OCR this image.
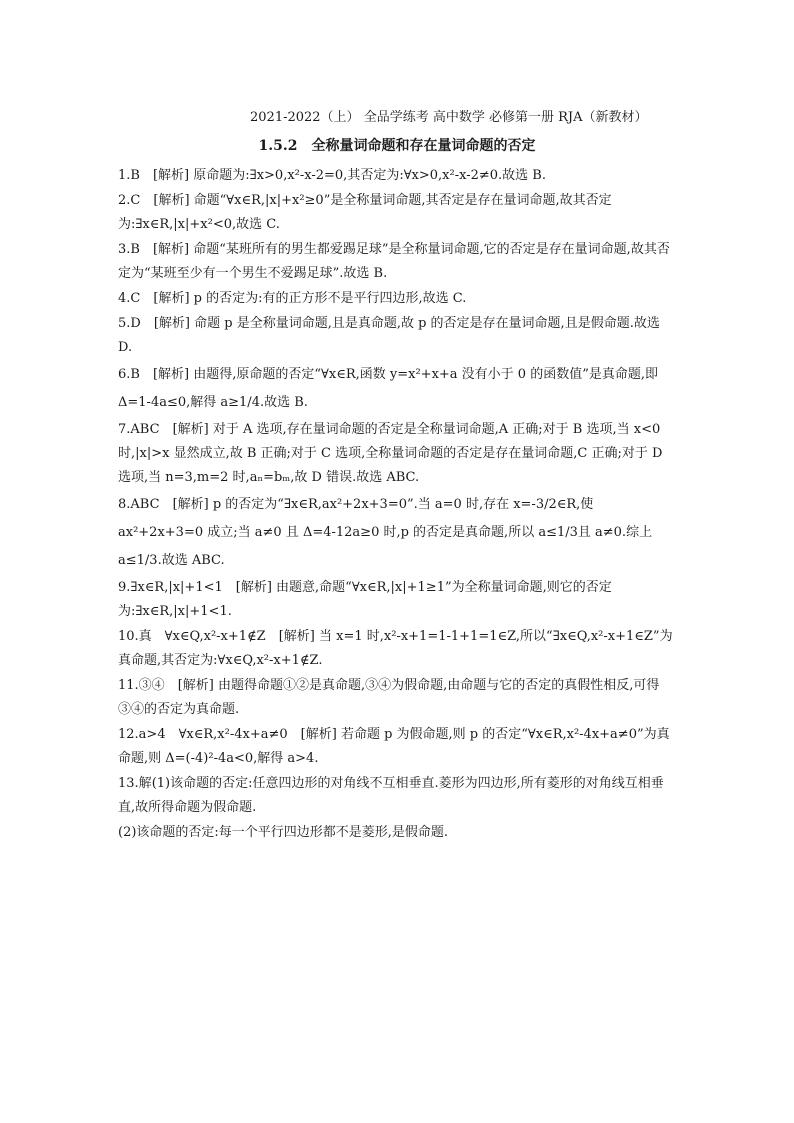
2021-2022（上） 全品学练考 高中数学 必修第一册 RJA（新教材）
1.5.2　全称量词命题和存在量词命题的否定

1.B　 [解析] 原命题为:∃x>0,x²-x-2=0,其否定为:∀x>0,x²-x-2≠0.故选 B.

2.C　 [解析] 命题“∀x∈R,|x|+x²≥0”是全称量词命题,其否定是存在量词命题,故其否定为:∃x∈R,|x|+x²<0,故选 C.

3.B　 [解析] 命题“某班所有的男生都爱踢足球”是全称量词命题,它的否定是存在量词命题,故其否定为“某班至少有一个男生不爱踢足球”.故选 B.

4.C　 [解析] p 的否定为:有的正方形不是平行四边形,故选 C.

5.D　 [解析] 命题 p 是全称量词命题,且是真命题,故 p 的否定是存在量词命题,且是假命题.故选 D.

6.B　 [解析] 由题得,原命题的否定“∀x∈R,函数 y=x²+x+a 没有小于 0 的函数值”是真命题,即 Δ=1-4a≤0,解得 a≥1/4.故选 B.

7.ABC　 [解析] 对于 A 选项,存在量词命题的否定是全称量词命题,A 正确;对于 B 选项,当 x<0 时,|x|>x 显然成立,故 B 正确;对于 C 选项,全称量词命题的否定是存在量词命题,C 正确;对于 D 选项,当 n=3,m=2 时,aₙ=bₘ,故 D 错误.故选 ABC.

8.ABC　 [解析] p 的否定为“∃x∈R,ax²+2x+3=0”.当 a=0 时,存在 x=-3/2∈R,使 ax²+2x+3=0 成立;当 a≠0 且 Δ=4-12a≥0 时,p 的否定是真命题,所以 a≤1/3且 a≠0.综上 a≤1/3.故选 ABC.

9.∃x∈R,|x|+1<1　 [解析] 由题意,命题“∀x∈R,|x|+1≥1”为全称量词命题,则它的否定为:∃x∈R,|x|+1<1.

10.真　∀x∈Q,x²-x+1∉Z　 [解析] 当 x=1 时,x²-x+1=1-1+1=1∈Z,所以“∃x∈Q,x²-x+1∈Z”为真命题,其否定为:∀x∈Q,x²-x+1∉Z.

11.③④　 [解析] 由题得命题①②是真命题,③④为假命题,由命题与它的否定的真假性相反,可得③④的否定为真命题.

12.a>4　∀x∈R,x²-4x+a≠0　 [解析] 若命题 p 为假命题,则 p 的否定“∀x∈R,x²-4x+a≠0”为真命题,则 Δ=(-4)²-4a<0,解得 a>4.

13.解(1)该命题的否定:任意四边形的对角线不互相垂直.菱形为四边形,所有菱形的对角线互相垂直,故所得命题为假命题.

(2)该命题的否定:每一个平行四边形都不是菱形,是假命题.
